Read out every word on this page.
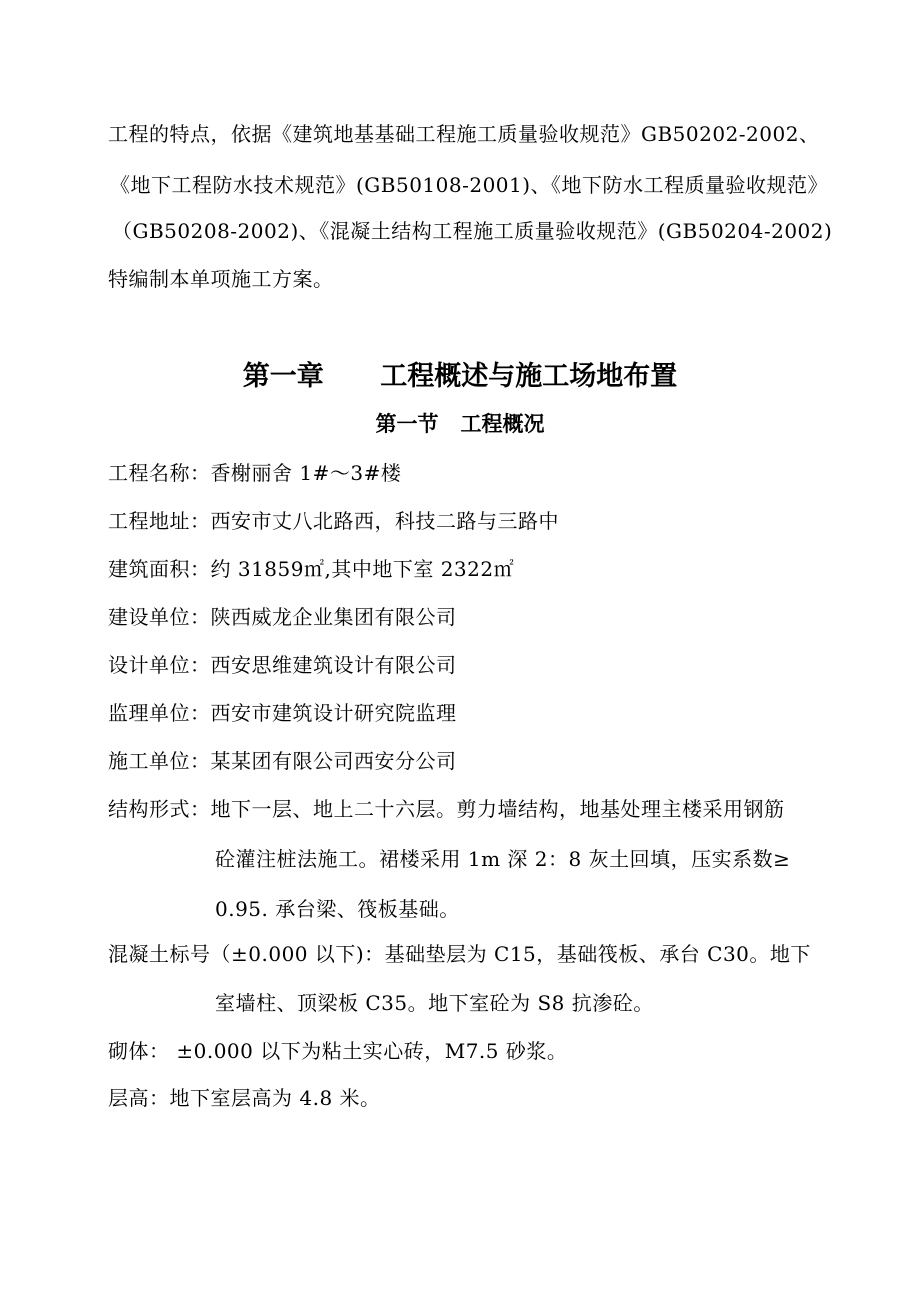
工程的特点，依据《建筑地基基础工程施工质量验收规范》GB50202-2002、
《地下工程防水技术规范》(GB50108-2001)、《地下防水工程质量验收规范》
（GB50208-2002)、《混凝土结构工程施工质量验收规范》(GB50204-2002)
特编制本单项施工方案。
第一章      工程概述与施工场地布置
第一节   工程概况
工程名称：香榭丽舍 1#～3#楼
工程地址：西安市丈八北路西，科技二路与三路中
建筑面积：约 31859㎡,其中地下室 2322㎡
建设单位：陕西威龙企业集团有限公司
设计单位：西安思维建筑设计有限公司
监理单位：西安市建筑设计研究院监理
施工单位：某某团有限公司西安分公司
结构形式：地下一层、地上二十六层。剪力墙结构，地基处理主楼采用钢筋
砼灌注桩法施工。裙楼采用 1m 深 2：8 灰土回填，压实系数≥
0.95. 承台梁、筏板基础。
混凝土标号（±0.000 以下)：基础垫层为 C15，基础筏板、承台 C30。地下
室墙柱、顶梁板 C35。地下室砼为 S8 抗渗砼。
砌体： ±0.000 以下为粘土实心砖，M7.5 砂浆。
层高：地下室层高为 4.8 米。
